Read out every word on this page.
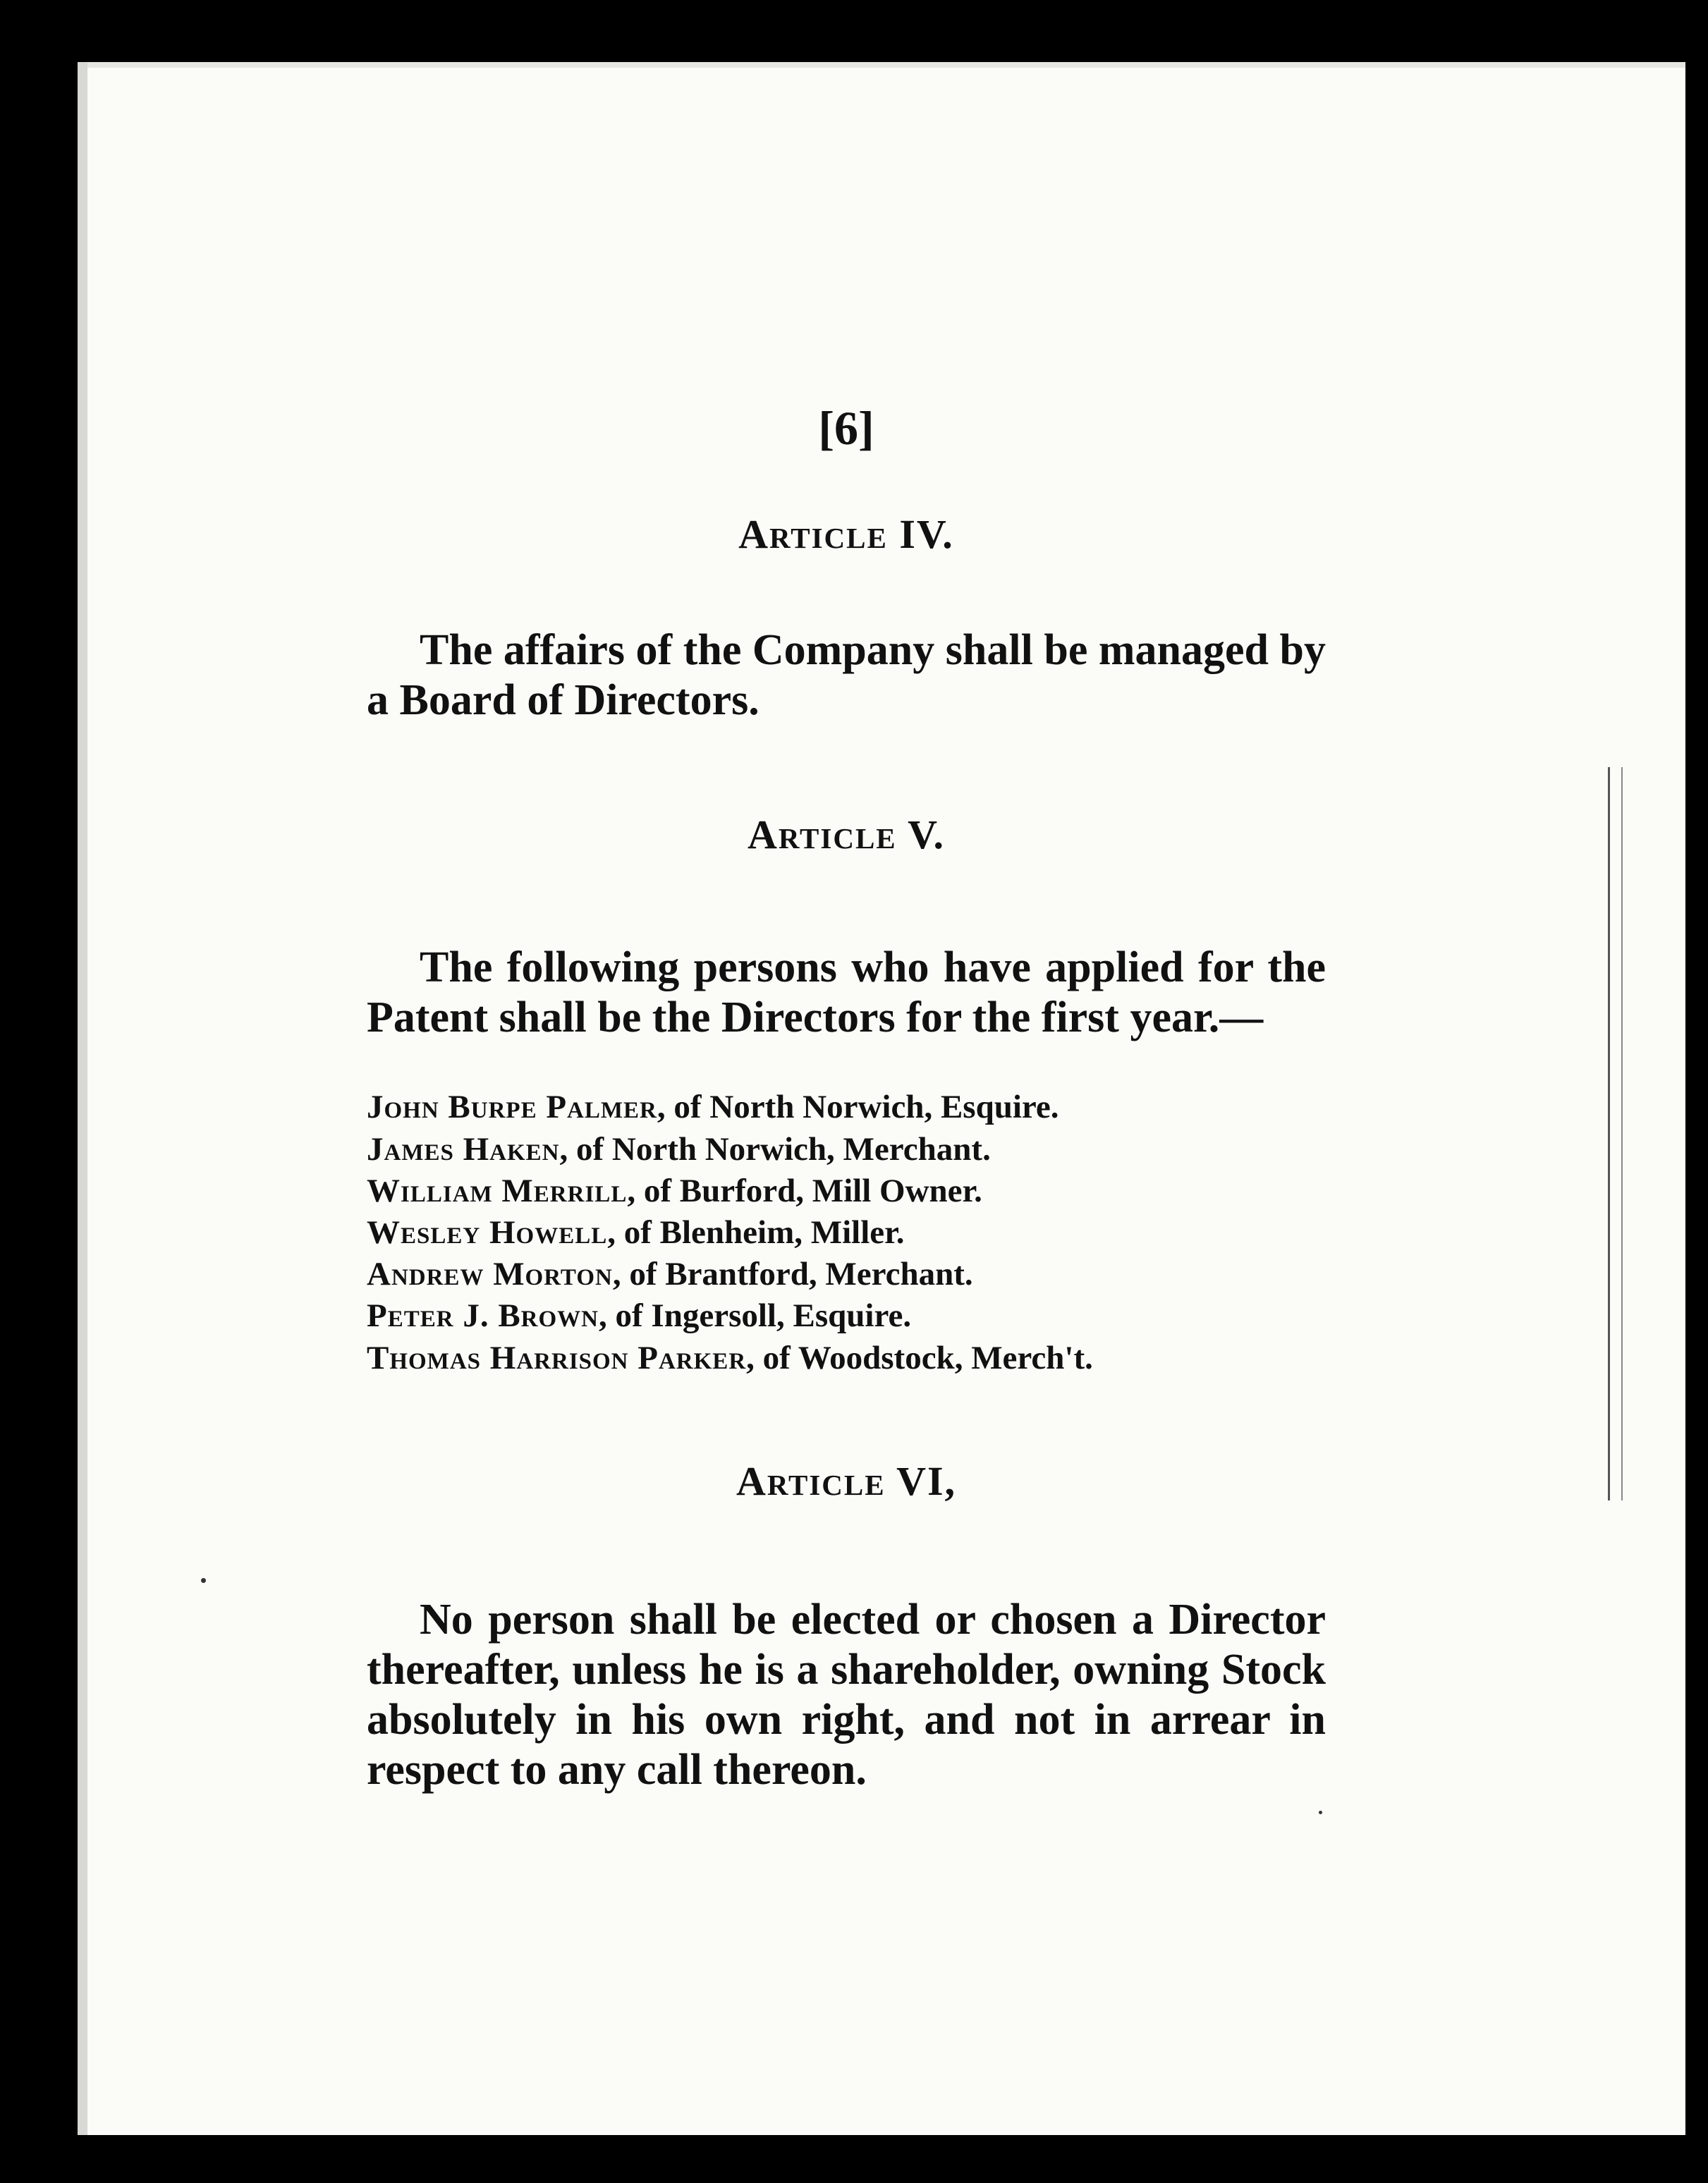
[6]
Article IV.
The affairs of the Company shall be managed by a Board of Directors.
Article V.
The following persons who have applied for the Patent shall be the Directors for the first year.—
John Burpe Palmer, of North Norwich, Esquire.
James Haken, of North Norwich, Merchant.
William Merrill, of Burford, Mill Owner.
Wesley Howell, of Blenheim, Miller.
Andrew Morton, of Brantford, Merchant.
Peter J. Brown, of Ingersoll, Esquire.
Thomas Harrison Parker, of Woodstock, Merch't.
Article VI,
No person shall be elected or chosen a Director thereafter, unless he is a shareholder, owning Stock absolutely in his own right, and not in arrear in respect to any call thereon.
